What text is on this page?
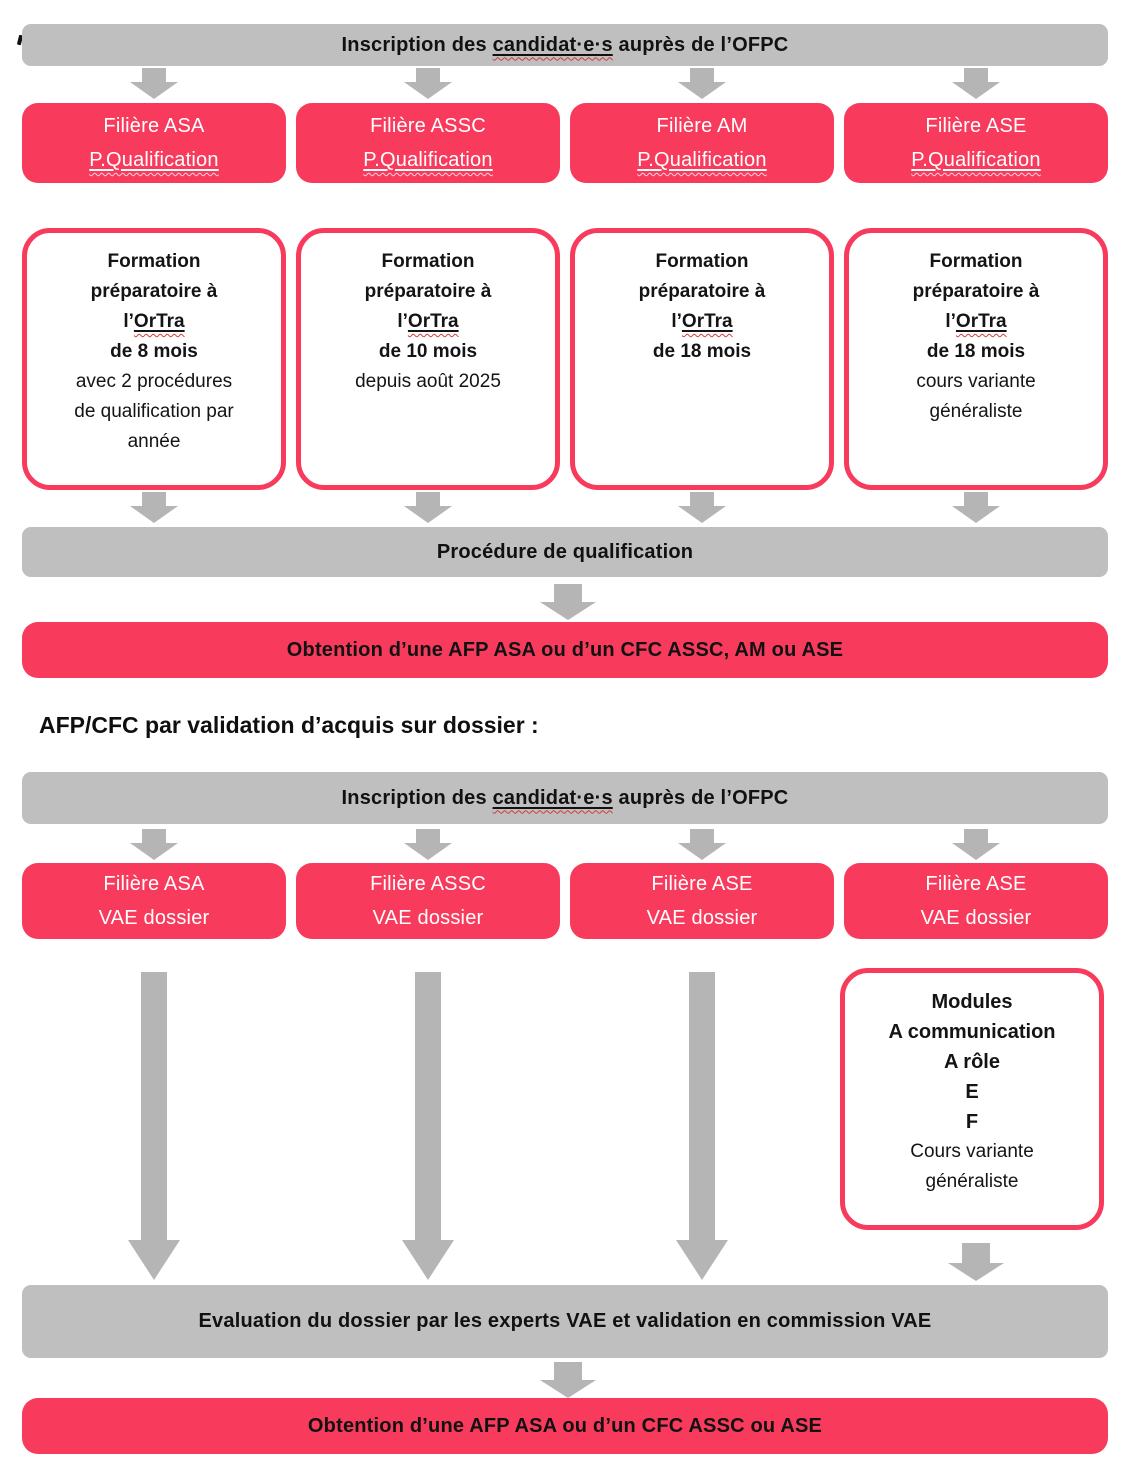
Inscription des candidat·e·s auprès de l’OFPC
Filière ASA
P.Qualification
Filière ASSC
P.Qualification
Filière AM
P.Qualification
Filière ASE
P.Qualification
Formation
préparatoire à
l’OrTra
de 8 mois
avec 2 procédures
de qualification par
année
Formation
préparatoire à
l’OrTra
de 10 mois
depuis août 2025
Formation
préparatoire à
l’OrTra
de 18 mois
Formation
préparatoire à
l’OrTra
de 18 mois
cours variante
généraliste
Procédure de qualification
Obtention d’une AFP ASA ou d’un CFC ASSC, AM ou ASE
AFP/CFC par validation d’acquis sur dossier :
Inscription des candidat·e·s auprès de l’OFPC
Filière ASA
VAE dossier
Filière ASSC
VAE dossier
Filière ASE
VAE dossier
Filière ASE
VAE dossier
Modules
A communication
A rôle
E
F
Cours variante
généraliste
Evaluation du dossier par les experts VAE et validation en commission VAE
Obtention d’une AFP ASA ou d’un CFC ASSC ou ASE
